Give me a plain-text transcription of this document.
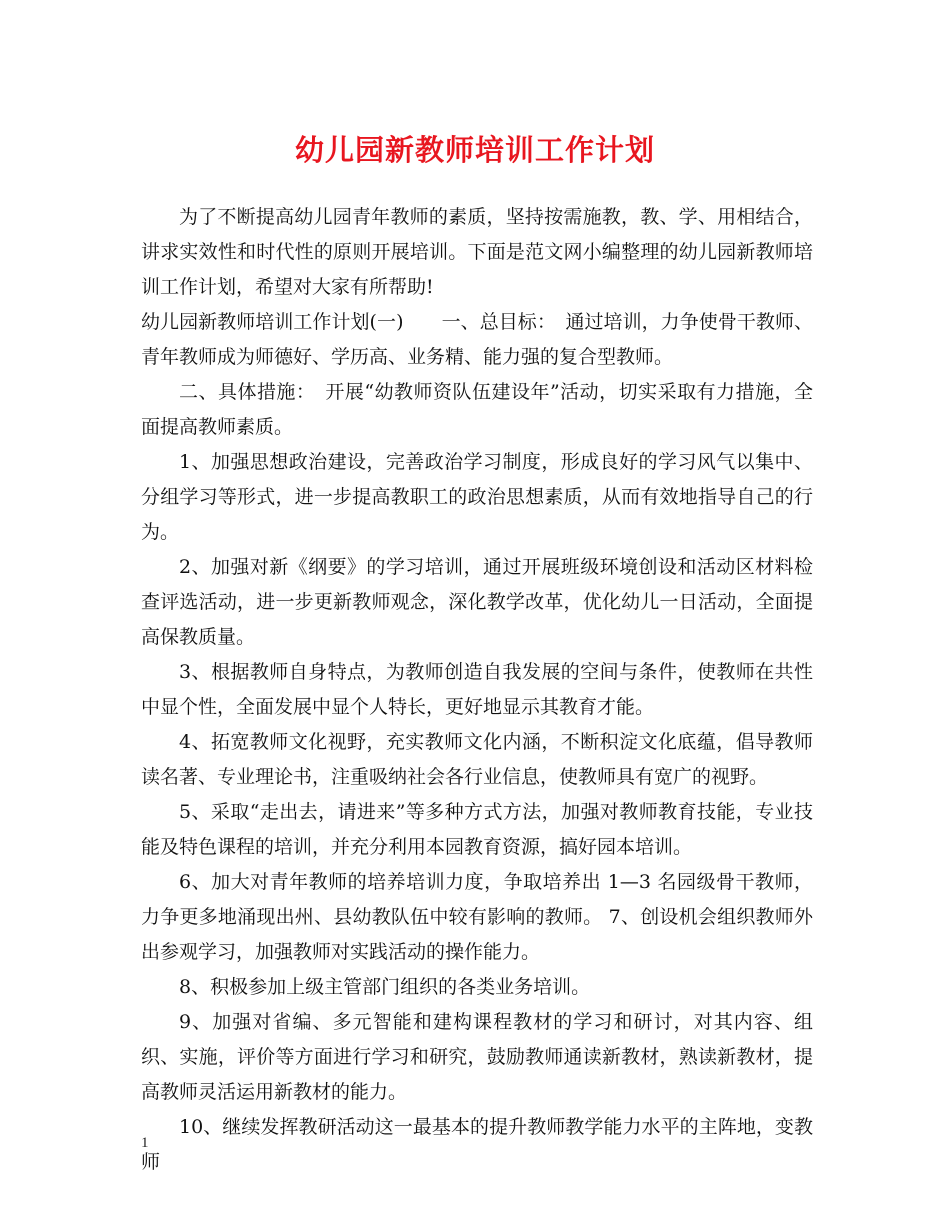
幼儿园新教师培训工作计划

为了不断提高幼儿园青年教师的素质，坚持按需施教，教、学、用相结合，讲求实效性和时代性的原则开展培训。下面是范文网小编整理的幼儿园新教师培训工作计划，希望对大家有所帮助!

幼儿园新教师培训工作计划(一)　　一、总目标：　通过培训，力争使骨干教师、青年教师成为师德好、学历高、业务精、能力强的复合型教师。

二、具体措施：　开展“幼教师资队伍建设年”活动，切实采取有力措施，全面提高教师素质。

1、加强思想政治建设，完善政治学习制度，形成良好的学习风气以集中、分组学习等形式，进一步提高教职工的政治思想素质，从而有效地指导自己的行为。

2、加强对新《纲要》的学习培训，通过开展班级环境创设和活动区材料检查评选活动，进一步更新教师观念，深化教学改革，优化幼儿一日活动，全面提高保教质量。

3、根据教师自身特点，为教师创造自我发展的空间与条件，使教师在共性中显个性，全面发展中显个人特长，更好地显示其教育才能。

4、拓宽教师文化视野，充实教师文化内涵，不断积淀文化底蕴，倡导教师读名著、专业理论书，注重吸纳社会各行业信息，使教师具有宽广的视野。

5、采取“走出去，请进来”等多种方式方法，加强对教师教育技能，专业技能及特色课程的培训，并充分利用本园教育资源，搞好园本培训。

6、加大对青年教师的培养培训力度，争取培养出 1—3 名园级骨干教师，力争更多地涌现出州、县幼教队伍中较有影响的教师。 7、创设机会组织教师外出参观学习，加强教师对实践活动的操作能力。

8、积极参加上级主管部门组织的各类业务培训。

9、加强对省编、多元智能和建构课程教材的学习和研讨，对其内容、组织、实施，评价等方面进行学习和研究，鼓励教师通读新教材，熟读新教材，提高教师灵活运用新教材的能力。

10、继续发挥教研活动这一最基本的提升教师教学能力水平的主阵地，变教师

1
